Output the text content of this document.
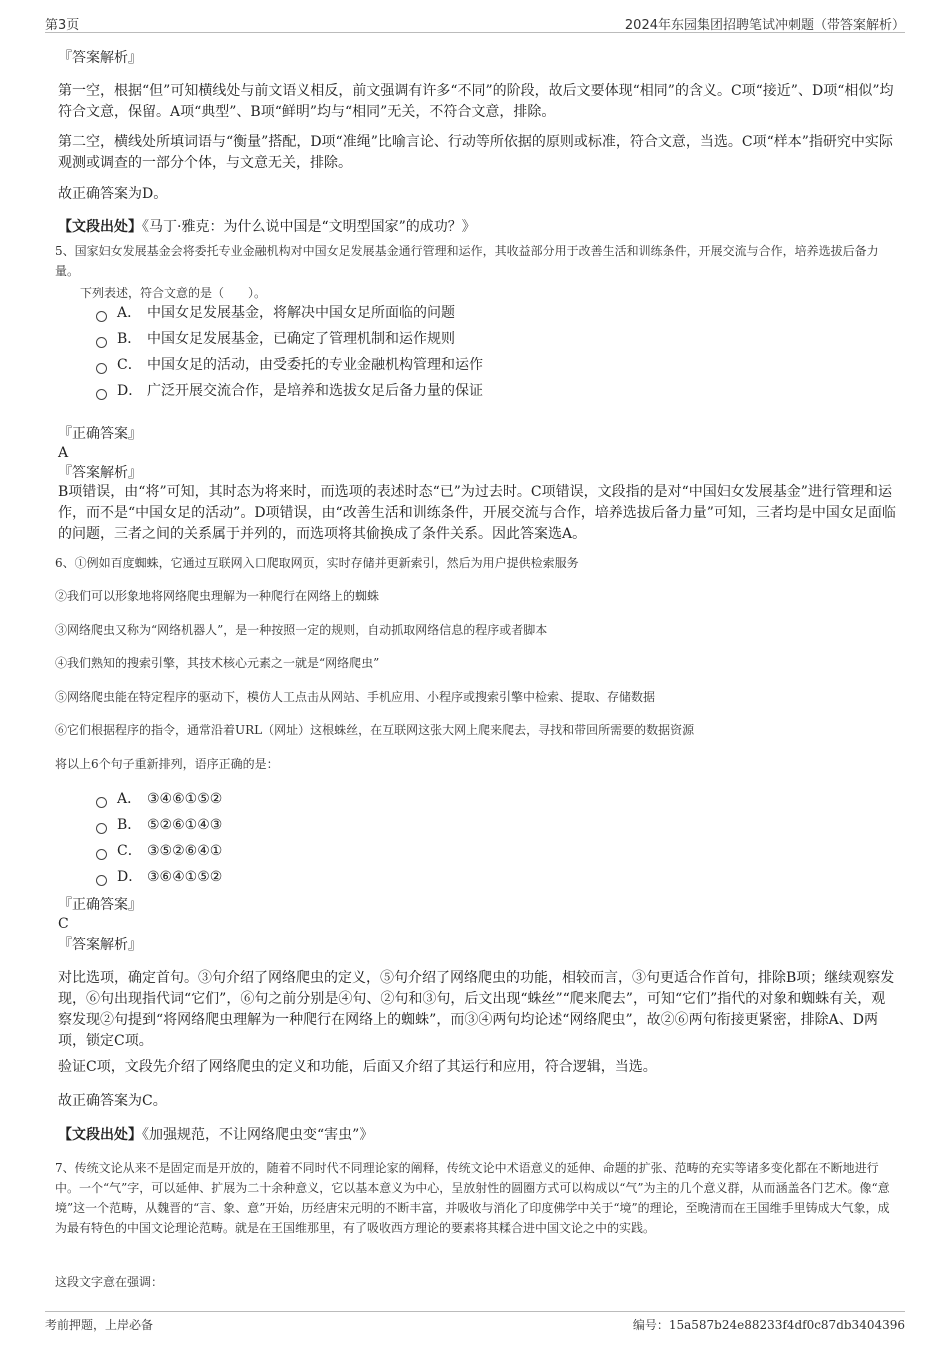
第3页	2024年东园集团招聘笔试冲刺题（带答案解析）
『答案解析』
第一空，根据“但”可知横线处与前文语义相反，前文强调有许多“不同”的阶段，故后文要体现“相同”的含义。C项“接近”、D项“相似”均符合文意，保留。A项“典型”、B项“鲜明”均与“相同”无关，不符合文意，排除。
第二空，横线处所填词语与“衡量”搭配，D项“准绳”比喻言论、行动等所依据的原则或标准，符合文意，当选。C项“样本”指研究中实际观测或调查的一部分个体，与文意无关，排除。
故正确答案为D。
【文段出处】《马丁·雅克：为什么说中国是“文明型国家”的成功？》
5、国家妇女发展基金会将委托专业金融机构对中国女足发展基金通行管理和运作，其收益部分用于改善生活和训练条件，开展交流与合作，培养选拔后备力量。
下列表述，符合文意的是（　　）。
A． 中国女足发展基金，将解决中国女足所面临的问题
B． 中国女足发展基金，已确定了管理机制和运作规则
C． 中国女足的活动，由受委托的专业金融机构管理和运作
D． 广泛开展交流合作，是培养和选拔女足后备力量的保证
『正确答案』
A
『答案解析』
B项错误，由“将”可知，其时态为将来时，而选项的表述时态“已”为过去时。C项错误，文段指的是对“中国妇女发展基金”进行管理和运作，而不是“中国女足的活动”。D项错误，由“改善生活和训练条件，开展交流与合作，培养选拔后备力量”可知，三者均是中国女足面临的问题，三者之间的关系属于并列的，而选项将其偷换成了条件关系。因此答案选A。
6、①例如百度蜘蛛，它通过互联网入口爬取网页，实时存储并更新索引，然后为用户提供检索服务
②我们可以形象地将网络爬虫理解为一种爬行在网络上的蜘蛛
③网络爬虫又称为“网络机器人”，是一种按照一定的规则，自动抓取网络信息的程序或者脚本
④我们熟知的搜索引擎，其技术核心元素之一就是“网络爬虫”
⑤网络爬虫能在特定程序的驱动下，模仿人工点击从网站、手机应用、小程序或搜索引擎中检索、提取、存储数据
⑥它们根据程序的指令，通常沿着URL（网址）这根蛛丝，在互联网这张大网上爬来爬去，寻找和带回所需要的数据资源
将以上6个句子重新排列，语序正确的是：
A． ③④⑥①⑤②
B． ⑤②⑥①④③
C． ③⑤②⑥④①
D． ③⑥④①⑤②
『正确答案』
C
『答案解析』
对比选项，确定首句。③句介绍了网络爬虫的定义，⑤句介绍了网络爬虫的功能，相较而言，③句更适合作首句，排除B项；继续观察发现，⑥句出现指代词“它们”，⑥句之前分别是④句、②句和③句，后文出现“蛛丝”“爬来爬去”，可知“它们”指代的对象和蜘蛛有关，观察发现②句提到“将网络爬虫理解为一种爬行在网络上的蜘蛛”，而③④两句均论述“网络爬虫”，故②⑥两句衔接更紧密，排除A、D两项，锁定C项。
验证C项，文段先介绍了网络爬虫的定义和功能，后面又介绍了其运行和应用，符合逻辑，当选。
故正确答案为C。
【文段出处】《加强规范，不让网络爬虫变“害虫”》
7、传统文论从来不是固定而是开放的，随着不同时代不同理论家的阐释，传统文论中术语意义的延伸、命题的扩张、范畴的充实等诸多变化都在不断地进行中。一个“气”字，可以延伸、扩展为二十余种意义，它以基本意义为中心，呈放射性的圆圈方式可以构成以“气”为主的几个意义群，从而涵盖各门艺术。像“意境”这一个范畴，从魏晋的“言、象、意”开始，历经唐宋元明的不断丰富，并吸收与消化了印度佛学中关于“境”的理论，至晚清而在王国维手里铸成大气象，成为最有特色的中国文论理论范畴。就是在王国维那里，有了吸收西方理论的要素将其糅合进中国文论之中的实践。
这段文字意在强调：
考前押题，上岸必备	编号：15a587b24e88233f4df0c87db3404396
